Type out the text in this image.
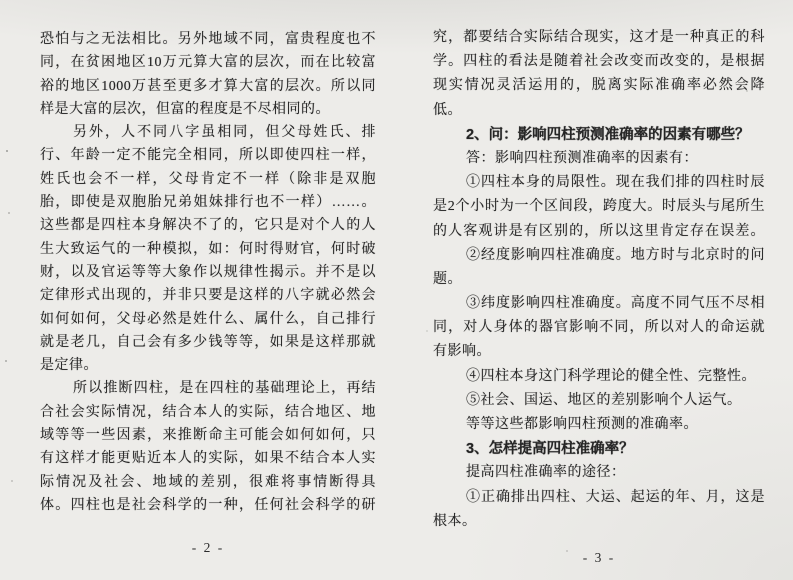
恐怕与之无法相比。另外地域不同，富贵程度也不
同，在贫困地区10万元算大富的层次，而在比较富
裕的地区1000万甚至更多才算大富的层次。所以同
样是大富的层次，但富的程度是不尽相同的。
另外，人不同八字虽相同，但父母姓氏、排
行、年龄一定不能完全相同，所以即使四柱一样，
姓氏也会不一样，父母肯定不一样（除非是双胞
胎，即使是双胞胎兄弟姐妹排行也不一样）……。
这些都是四柱本身解决不了的，它只是对个人的人
生大致运气的一种模拟，如：何时得财官，何时破
财，以及官运等等大象作以规律性揭示。并不是以
定律形式出现的，并非只要是这样的八字就必然会
如何如何，父母必然是姓什么、属什么，自己排行
就是老几，自己会有多少钱等等，如果是这样那就
是定律。
所以推断四柱，是在四柱的基础理论上，再结
合社会实际情况，结合本人的实际，结合地区、地
域等等一些因素，来推断命主可能会如何如何，只
有这样才能更贴近本人的实际，如果不结合本人实
际情况及社会、地域的差别，很难将事情断得具
体。四柱也是社会科学的一种，任何社会科学的研
- 2 -
究，都要结合实际结合现实，这才是一种真正的科
学。四柱的看法是随着社会改变而改变的，是根据
现实情况灵活运用的，脱离实际准确率必然会降
低。
2、问：影响四柱预测准确率的因素有哪些？
答：影响四柱预测准确率的因素有：
①四柱本身的局限性。现在我们排的四柱时辰
是2个小时为一个区间段，跨度大。时辰头与尾所生
的人客观讲是有区别的，所以这里肯定存在误差。
②经度影响四柱准确度。地方时与北京时的问
题。
③纬度影响四柱准确度。高度不同气压不尽相
同，对人身体的器官影响不同，所以对人的命运就
有影响。
④四柱本身这门科学理论的健全性、完整性。
⑤社会、国运、地区的差别影响个人运气。
等等这些都影响四柱预测的准确率。
3、怎样提高四柱准确率？
提高四柱准确率的途径：
①正确排出四柱、大运、起运的年、月，这是
根本。
- 3 -
